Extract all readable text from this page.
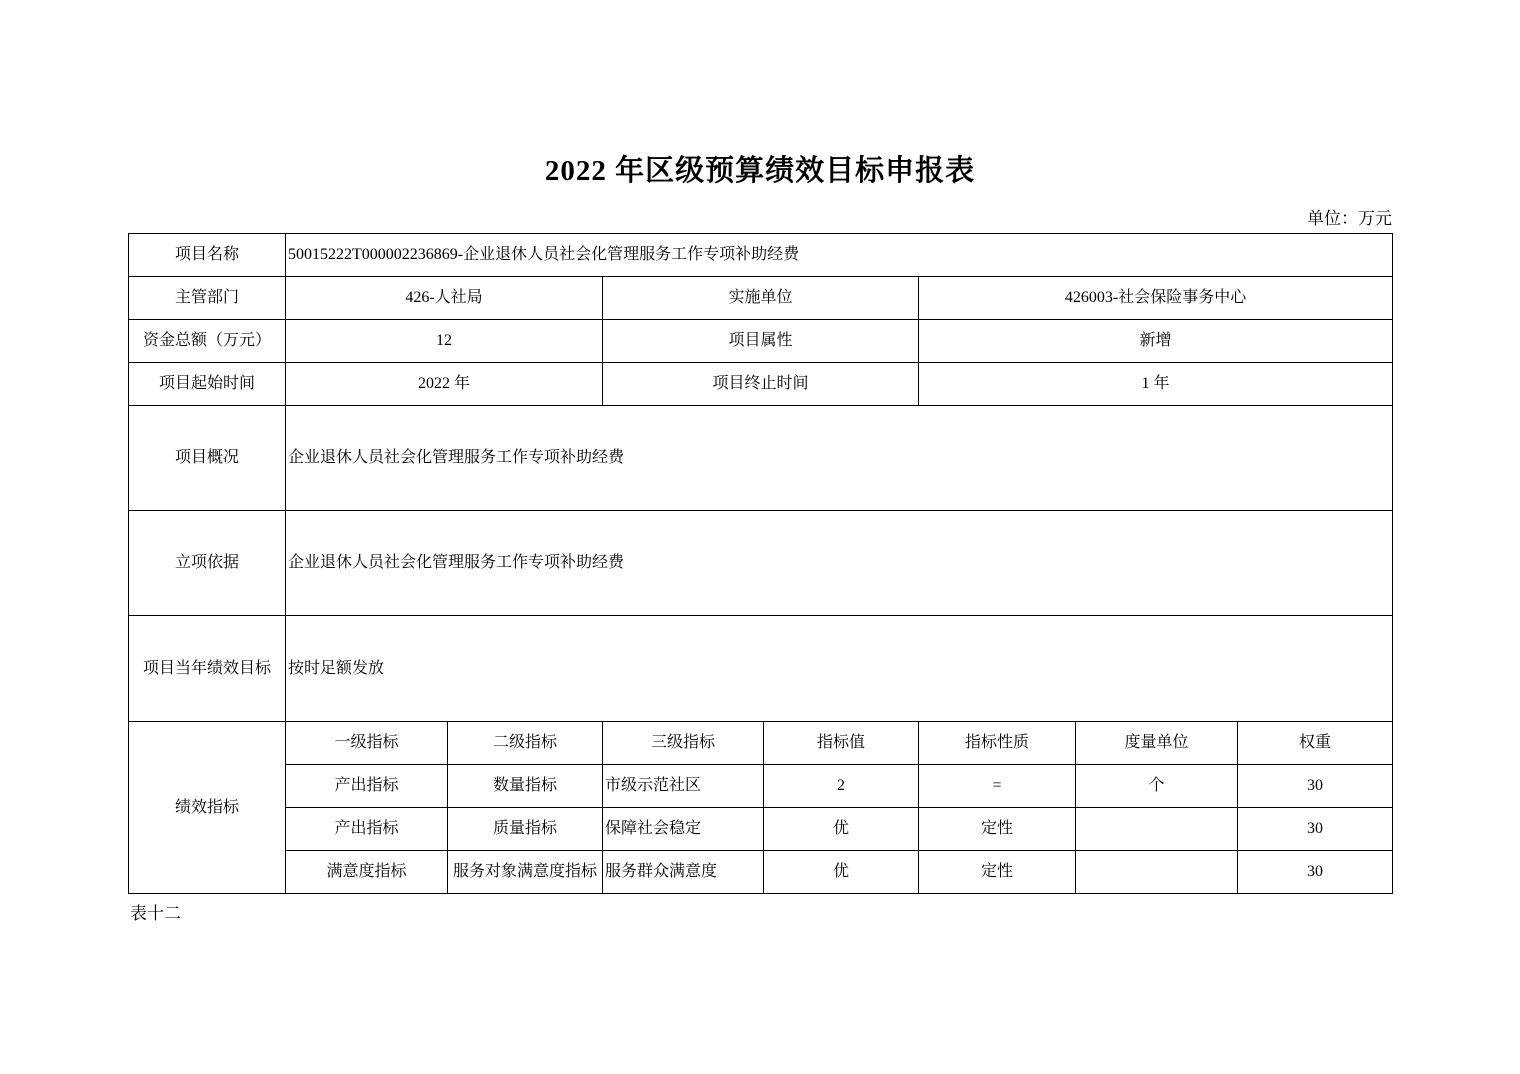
2022 年区级预算绩效目标申报表
单位：万元
项目名称	50015222T000002236869-企业退休人员社会化管理服务工作专项补助经费						
主管部门	426-人社局		实施单位		426003-社会保险事务中心		
资金总额（万元）	12		项目属性		新增		
项目起始时间	2022 年		项目终止时间		1 年		
项目概况	企业退休人员社会化管理服务工作专项补助经费						
立项依据	企业退休人员社会化管理服务工作专项补助经费						
项目当年绩效目标	按时足额发放						
绩效指标	一级指标	二级指标	三级指标	指标值	指标性质	度量单位	权重
	产出指标	数量指标	市级示范社区	2	=	个	30
	产出指标	质量指标	保障社会稳定	优	定性		30
	满意度指标	服务对象满意度指标	服务群众满意度	优	定性		30
表十二
